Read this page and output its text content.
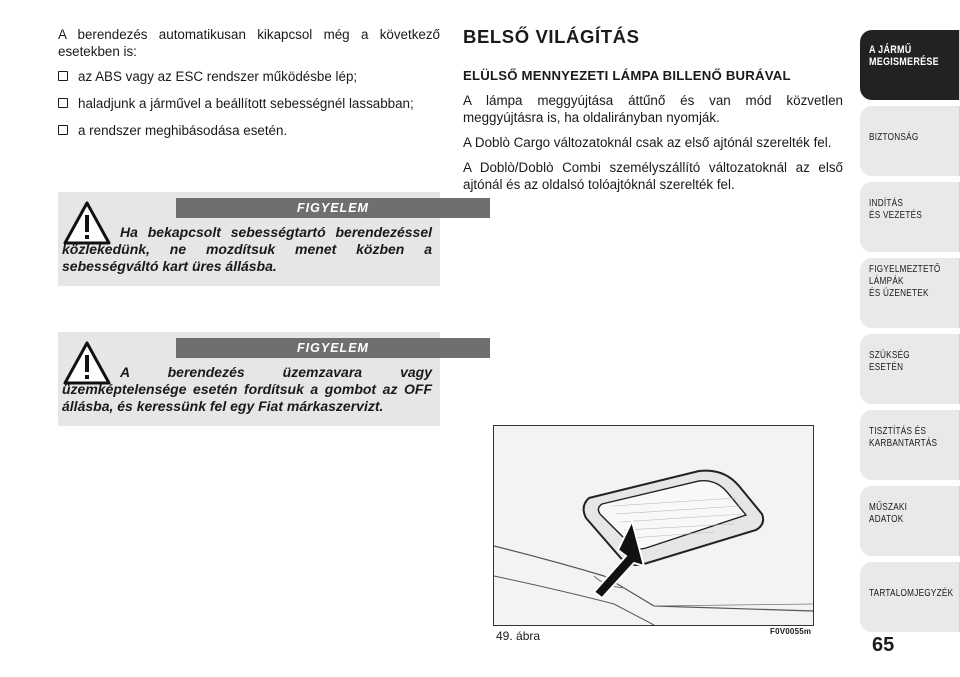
A berendezés automatikusan kikapcsol még a következő esetekben is:

az ABS vagy az ESC rendszer működésbe lép;
haladjunk a járművel a beállított sebességnél lassabban;
a rendszer meghibásodása esetén.
FIGYELEM
Ha bekapcsolt sebességtartó berendezéssel közlekedünk, ne mozdítsuk menet közben a sebességváltó kart üres állásba.
FIGYELEM
A berendezés üzemzavara vagy üzemképtelensége esetén fordítsuk a gombot az OFF állásba, és keressünk fel egy Fiat márkaszervizt.
BELSŐ VILÁGÍTÁS
ELÜLSŐ MENNYEZETI LÁMPA BILLENŐ BURÁVAL

A lámpa meggyújtása áttűnő és van mód közvetlen meggyújtásra is, ha oldalirányban nyomják.

A Doblò Cargo változatoknál csak az első ajtónál szerelték fel.

A Doblò/Doblò Combi személyszállító változatoknál az első ajtónál és az oldalsó tolóajtóknál szerelték fel.

49. ábra	F0V0055m
65
A JÁRMŰ
MEGISMERÉSE
BIZTONSÁG
INDÍTÁS
ÉS VEZETÉS
FIGYELMEZTETŐ
LÁMPÁK
ÉS ÜZENETEK
SZÜKSÉG
ESETÉN
TISZTÍTÁS ÉS
KARBANTARTÁS
MŰSZAKI
ADATOK
TARTALOMJEGYZÉK
